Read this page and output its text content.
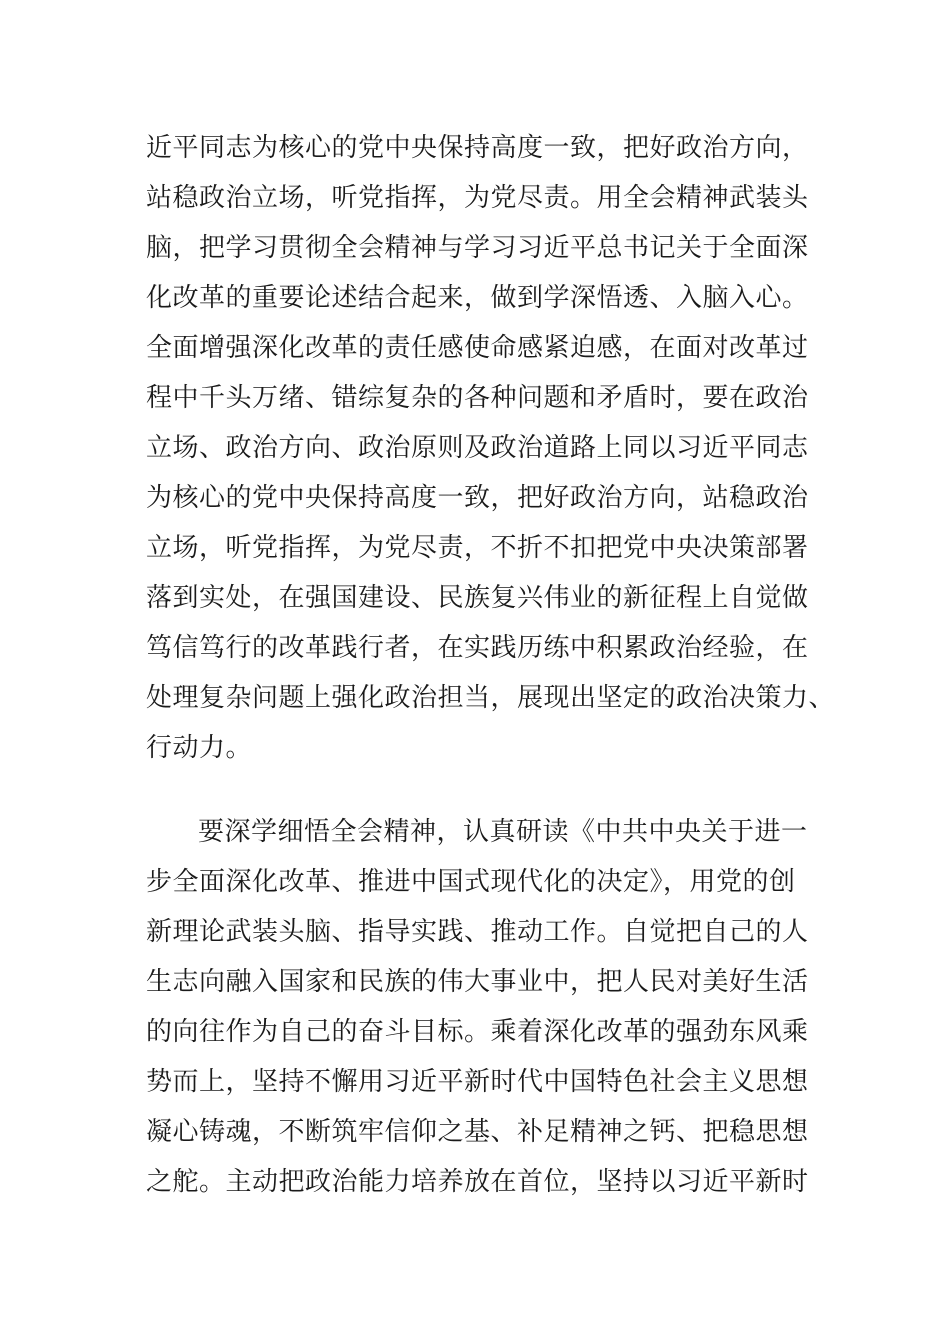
近平同志为核心的党中央保持高度一致，把好政治方向，

站稳政治立场，听党指挥，为党尽责。用全会精神武装头

脑，把学习贯彻全会精神与学习习近平总书记关于全面深

化改革的重要论述结合起来，做到学深悟透、入脑入心。

全面增强深化改革的责任感使命感紧迫感，在面对改革过

程中千头万绪、错综复杂的各种问题和矛盾时，要在政治

立场、政治方向、政治原则及政治道路上同以习近平同志

为核心的党中央保持高度一致，把好政治方向，站稳政治

立场，听党指挥，为党尽责，不折不扣把党中央决策部署

落到实处，在强国建设、民族复兴伟业的新征程上自觉做

笃信笃行的改革践行者，在实践历练中积累政治经验，在

处理复杂问题上强化政治担当，展现出坚定的政治决策力、

行动力。

要深学细悟全会精神，认真研读《中共中央关于进一

步全面深化改革、推进中国式现代化的决定》，用党的创

新理论武装头脑、指导实践、推动工作。自觉把自己的人

生志向融入国家和民族的伟大事业中，把人民对美好生活

的向往作为自己的奋斗目标。乘着深化改革的强劲东风乘

势而上，坚持不懈用习近平新时代中国特色社会主义思想

凝心铸魂，不断筑牢信仰之基、补足精神之钙、把稳思想

之舵。主动把政治能力培养放在首位，坚持以习近平新时
